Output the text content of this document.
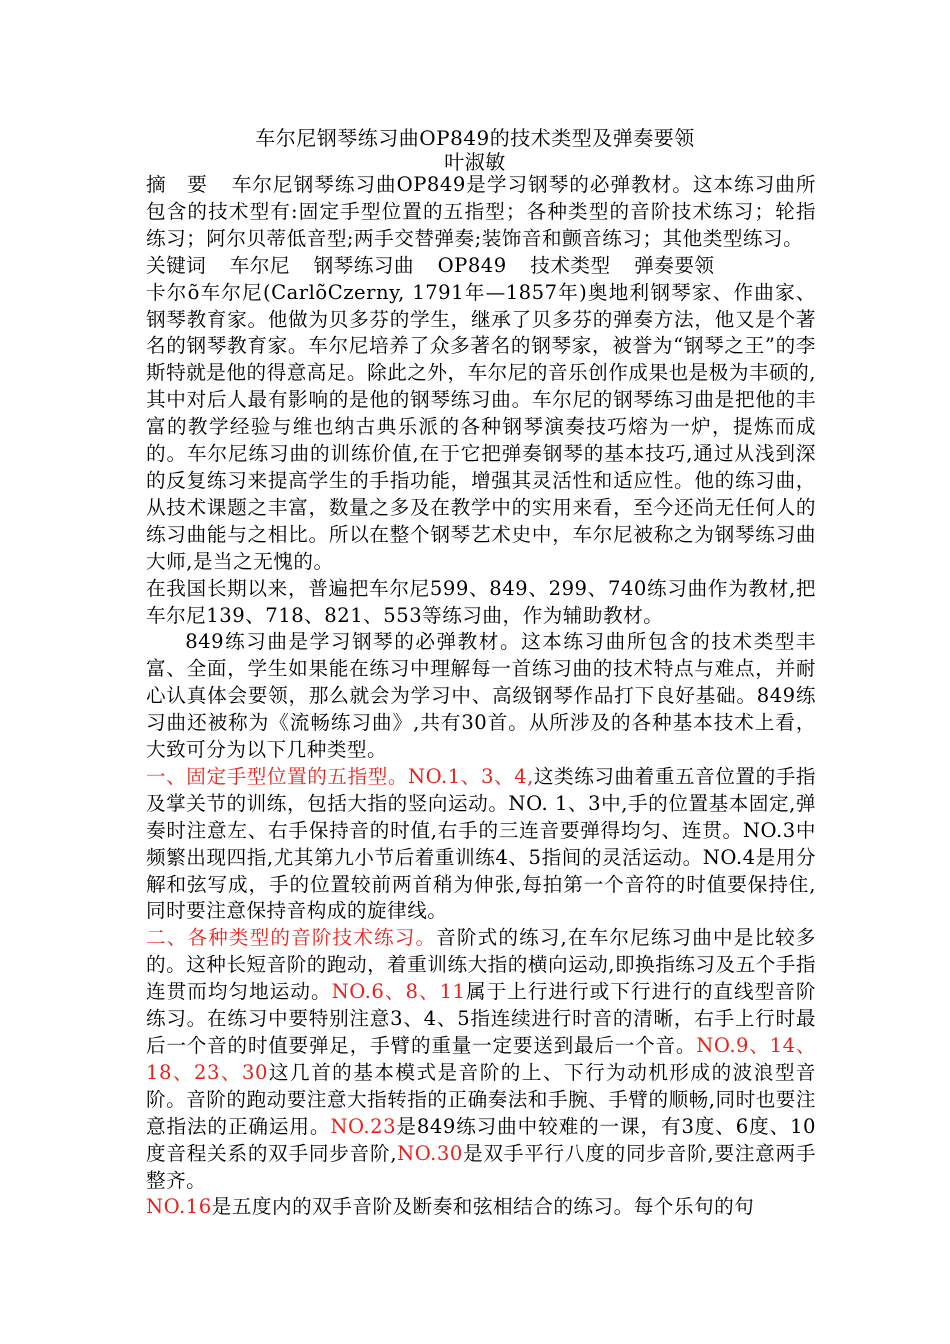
车尔尼钢琴练习曲OP849的技术类型及弹奏要领
叶淑敏

摘　要 车尔尼钢琴练习曲OP849是学习钢琴的必弹教材。这本练习曲所包含的技术型有:固定手型位置的五指型；各种类型的音阶技术练习；轮指练习；阿尔贝蒂低音型;两手交替弹奏;装饰音和颤音练习；其他类型练习。

关键词 车尔尼 钢琴练习曲 OP849 技术类型 弹奏要领

卡尔õ车尔尼(CarlõCzerny, 1791年—1857年)奥地利钢琴家、作曲家、钢琴教育家。他做为贝多芬的学生，继承了贝多芬的弹奏方法，他又是个著名的钢琴教育家。车尔尼培养了众多著名的钢琴家，被誉为“钢琴之王”的李斯特就是他的得意高足。除此之外，车尔尼的音乐创作成果也是极为丰硕的,其中对后人最有影响的是他的钢琴练习曲。车尔尼的钢琴练习曲是把他的丰富的教学经验与维也纳古典乐派的各种钢琴演奏技巧熔为一炉，提炼而成的。车尔尼练习曲的训练价值,在于它把弹奏钢琴的基本技巧,通过从浅到深的反复练习来提高学生的手指功能，增强其灵活性和适应性。他的练习曲，从技术课题之丰富，数量之多及在教学中的实用来看，至今还尚无任何人的练习曲能与之相比。所以在整个钢琴艺术史中，车尔尼被称之为钢琴练习曲大师,是当之无愧的。

在我国长期以来，普遍把车尔尼599、849、299、740练习曲作为教材,把车尔尼139、718、821、553等练习曲，作为辅助教材。

849练习曲是学习钢琴的必弹教材。这本练习曲所包含的技术类型丰富、全面，学生如果能在练习中理解每一首练习曲的技术特点与难点，并耐心认真体会要领，那么就会为学习中、高级钢琴作品打下良好基础。849练习曲还被称为《流畅练习曲》,共有30首。从所涉及的各种基本技术上看，大致可分为以下几种类型。

一、固定手型位置的五指型。NO.1、3、4,这类练习曲着重五音位置的手指及掌关节的训练，包括大指的竖向运动。NO. 1、3中,手的位置基本固定,弹奏时注意左、右手保持音的时值,右手的三连音要弹得均匀、连贯。NO.3中频繁出现四指,尤其第九小节后着重训练4、5指间的灵活运动。NO.4是用分解和弦写成，手的位置较前两首稍为伸张,每拍第一个音符的时值要保持住,同时要注意保持音构成的旋律线。

二、各种类型的音阶技术练习。音阶式的练习,在车尔尼练习曲中是比较多的。这种长短音阶的跑动，着重训练大指的横向运动,即换指练习及五个手指连贯而均匀地运动。NO.6、8、11属于上行进行或下行进行的直线型音阶练习。在练习中要特别注意3、4、5指连续进行时音的清晰，右手上行时最后一个音的时值要弹足，手臂的重量一定要送到最后一个音。NO.9、14、18、23、30这几首的基本模式是音阶的上、下行为动机形成的波浪型音阶。音阶的跑动要注意大指转指的正确奏法和手腕、手臂的顺畅,同时也要注意指法的正确运用。NO.23是849练习曲中较难的一课，有3度、6度、10度音程关系的双手同步音阶,NO.30是双手平行八度的同步音阶,要注意两手整齐。

NO.16是五度内的双手音阶及断奏和弦相结合的练习。每个乐句的句
